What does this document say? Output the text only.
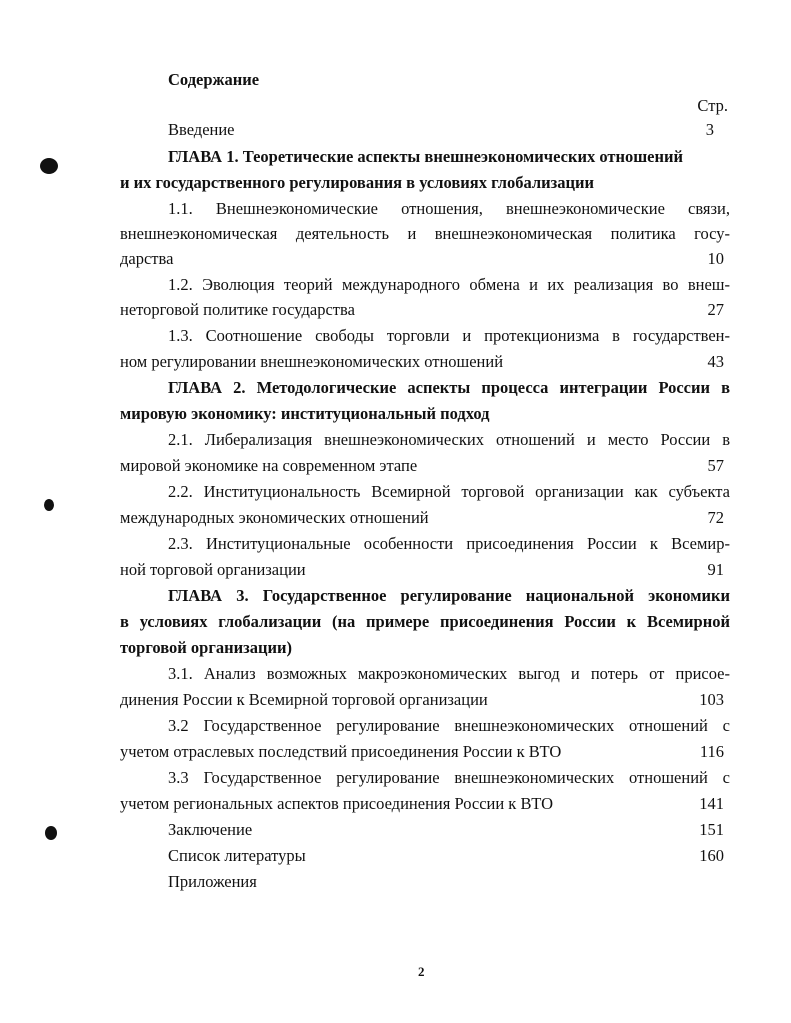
Содержание
Стр.
Введение	3
ГЛАВА 1. Теоретические аспекты внешнеэкономических отношений
и их государственного регулирования в условиях глобализации
1.1. Внешнеэкономические отношения, внешнеэкономические связи,
внешнеэкономическая деятельность и внешнеэкономическая политика госу-
дарства	10
1.2. Эволюция теорий международного обмена и их реализация во внеш-
неторговой политике государства	27
1.3. Соотношение свободы торговли и протекционизма в государствен-
ном регулировании внешнеэкономических отношений	43
ГЛАВА 2. Методологические аспекты процесса интеграции России в
мировую экономику: институциональный подход
2.1. Либерализация внешнеэкономических отношений и место России в
мировой экономике на современном этапе	57
2.2. Институциональность Всемирной торговой организации как субъекта
международных экономических отношений	72
2.3. Институциональные особенности присоединения России к Всемир-
ной торговой организации	91
ГЛАВА 3. Государственное регулирование национальной экономики
в условиях глобализации (на примере присоединения России к Всемирной
торговой организации)
3.1. Анализ возможных макроэкономических выгод и потерь от присое-
динения России к Всемирной торговой организации	103
3.2 Государственное регулирование внешнеэкономических отношений с
учетом отраслевых последствий присоединения России к ВТО	116
3.3 Государственное регулирование внешнеэкономических отношений с
учетом региональных аспектов присоединения России к ВТО	141
Заключение	151
Список литературы	160
Приложения
2
